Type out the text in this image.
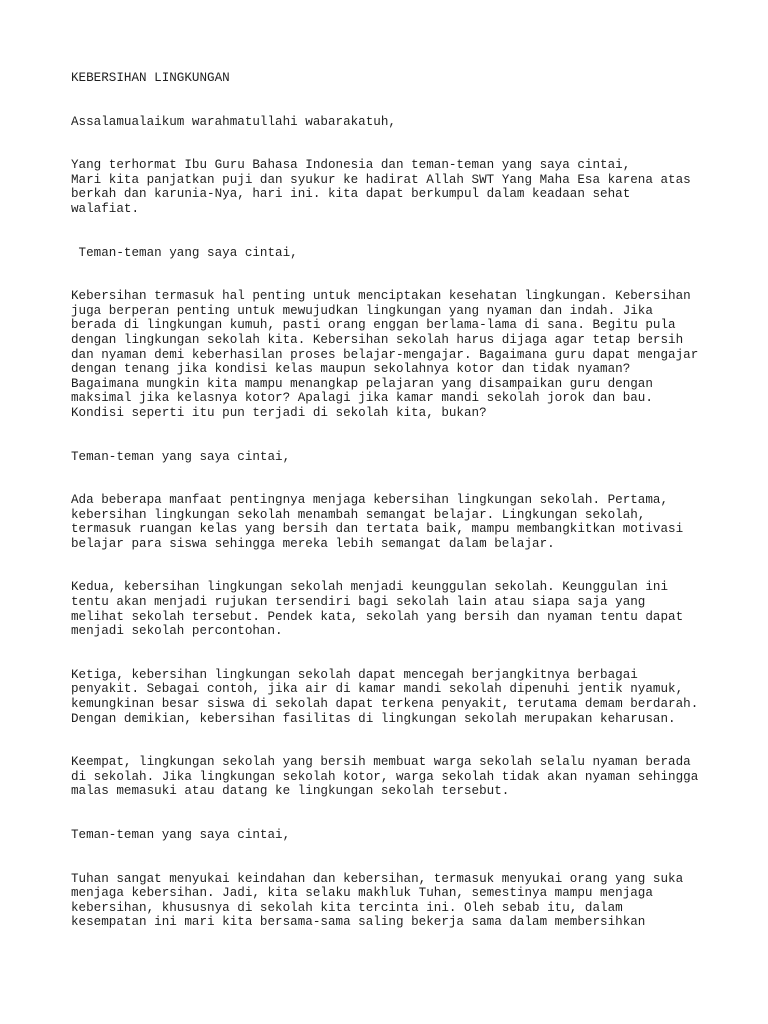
KEBERSIHAN LINGKUNGAN
Assalamualaikum warahmatullahi wabarakatuh,
Yang terhormat Ibu Guru Bahasa Indonesia dan teman-teman yang saya cintai,
Mari kita panjatkan puji dan syukur ke hadirat Allah SWT Yang Maha Esa karena atas
berkah dan karunia-Nya, hari ini. kita dapat berkumpul dalam keadaan sehat
walafiat.
Teman-teman yang saya cintai,
Kebersihan termasuk hal penting untuk menciptakan kesehatan lingkungan. Kebersihan
juga berperan penting untuk mewujudkan lingkungan yang nyaman dan indah. Jika
berada di lingkungan kumuh, pasti orang enggan berlama-lama di sana. Begitu pula
dengan lingkungan sekolah kita. Kebersihan sekolah harus dijaga agar tetap bersih
dan nyaman demi keberhasilan proses belajar-mengajar. Bagaimana guru dapat mengajar
dengan tenang jika kondisi kelas maupun sekolahnya kotor dan tidak nyaman?
Bagaimana mungkin kita mampu menangkap pelajaran yang disampaikan guru dengan
maksimal jika kelasnya kotor? Apalagi jika kamar mandi sekolah jorok dan bau.
Kondisi seperti itu pun terjadi di sekolah kita, bukan?
Teman-teman yang saya cintai,
Ada beberapa manfaat pentingnya menjaga kebersihan lingkungan sekolah. Pertama,
kebersihan lingkungan sekolah menambah semangat belajar. Lingkungan sekolah,
termasuk ruangan kelas yang bersih dan tertata baik, mampu membangkitkan motivasi
belajar para siswa sehingga mereka lebih semangat dalam belajar.
Kedua, kebersihan lingkungan sekolah menjadi keunggulan sekolah. Keunggulan ini
tentu akan menjadi rujukan tersendiri bagi sekolah lain atau siapa saja yang
melihat sekolah tersebut. Pendek kata, sekolah yang bersih dan nyaman tentu dapat
menjadi sekolah percontohan.
Ketiga, kebersihan lingkungan sekolah dapat mencegah berjangkitnya berbagai
penyakit. Sebagai contoh, jika air di kamar mandi sekolah dipenuhi jentik nyamuk,
kemungkinan besar siswa di sekolah dapat terkena penyakit, terutama demam berdarah.
Dengan demikian, kebersihan fasilitas di lingkungan sekolah merupakan keharusan.
Keempat, lingkungan sekolah yang bersih membuat warga sekolah selalu nyaman berada
di sekolah. Jika lingkungan sekolah kotor, warga sekolah tidak akan nyaman sehingga
malas memasuki atau datang ke lingkungan sekolah tersebut.
Teman-teman yang saya cintai,
Tuhan sangat menyukai keindahan dan kebersihan, termasuk menyukai orang yang suka
menjaga kebersihan. Jadi, kita selaku makhluk Tuhan, semestinya mampu menjaga
kebersihan, khususnya di sekolah kita tercinta ini. Oleh sebab itu, dalam
kesempatan ini mari kita bersama-sama saling bekerja sama dalam membersihkan
